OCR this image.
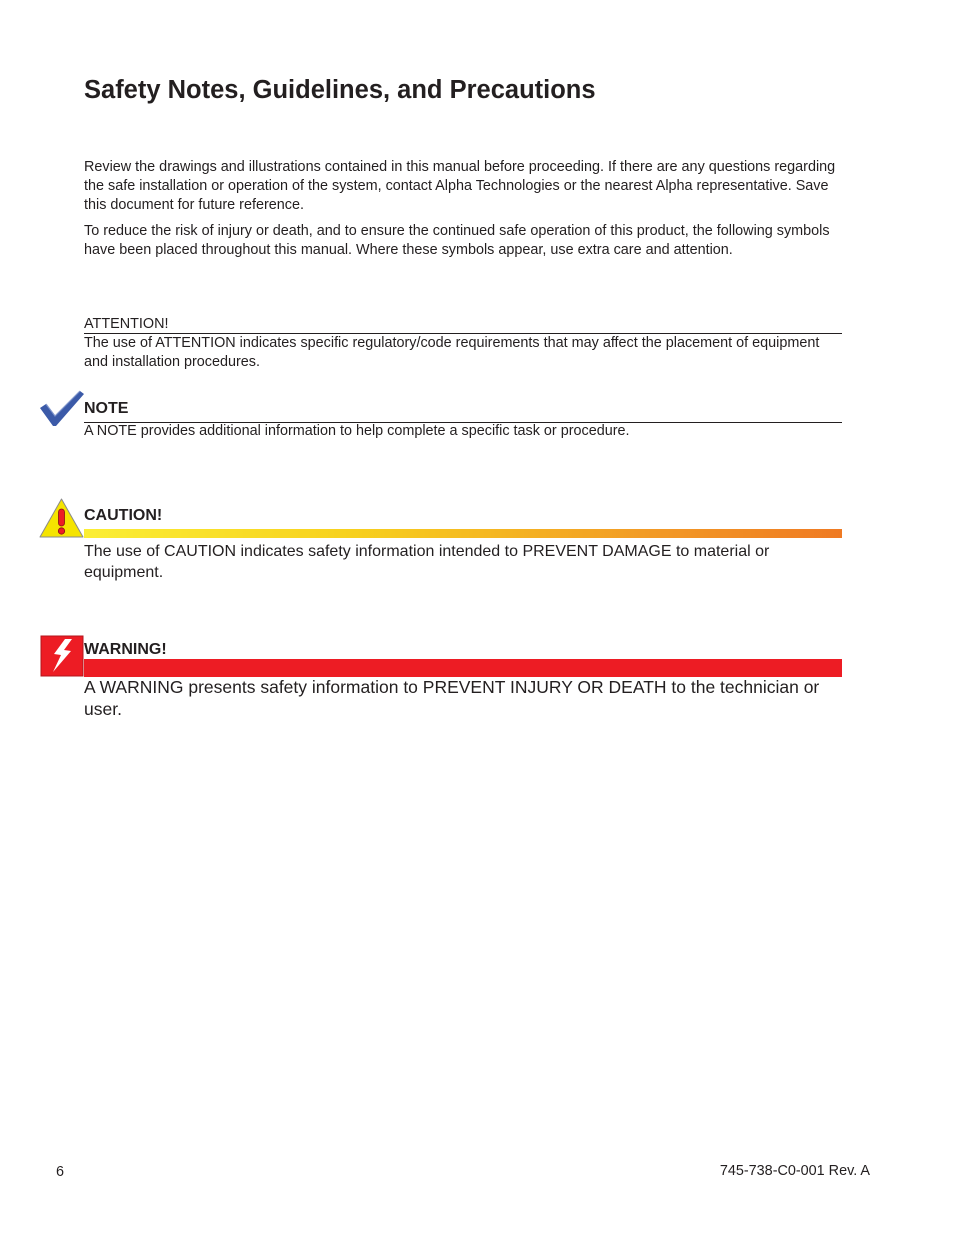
Safety Notes, Guidelines, and Precautions

Review the drawings and illustrations contained in this manual before proceeding. If there are any questions regarding the safe installation or operation of the system, contact Alpha Technologies or the nearest Alpha representative. Save this document for future reference.

To reduce the risk of injury or death, and to ensure the continued safe operation of this product, the following symbols have been placed throughout this manual. Where these symbols appear, use extra care and attention.

ATTENTION!

The use of ATTENTION indicates specific regulatory/code requirements that may affect the placement of equipment and installation procedures.

NOTE

A NOTE provides additional information to help complete a specific task or procedure.

CAUTION!

The use of CAUTION indicates safety information intended to PREVENT DAMAGE to material or equipment.

WARNING!

A WARNING presents safety information to PREVENT INJURY OR DEATH to the technician or user.

6	745-738-C0-001 Rev. A
